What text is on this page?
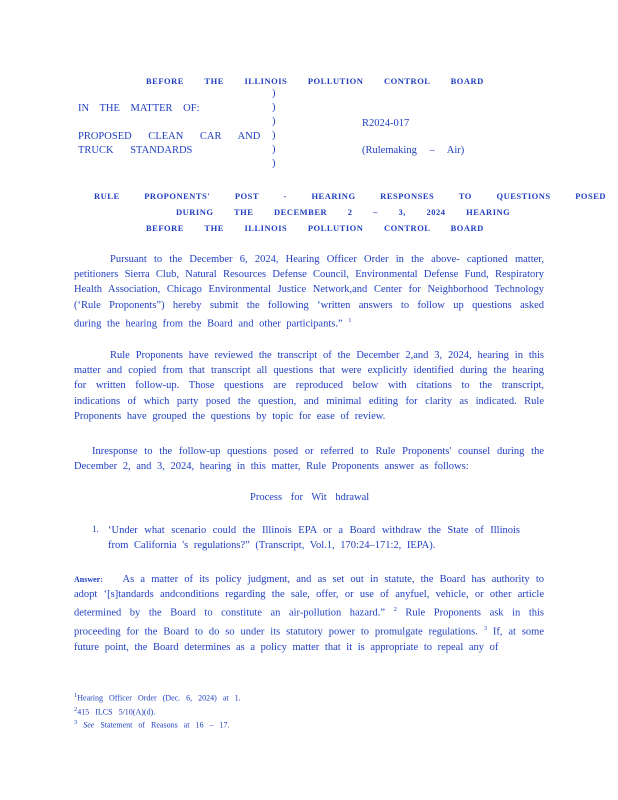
BEFORE THE ILLINOIS POLLUTION CONTROL BOARD
)
)
)
)
)
)
IN THE MATTER OF:
PROPOSED CLEAN CAR AND
TRUCK STANDARDS
R2024-017
(Rulemaking – Air)
RULE PROPONENTS' POST - HEARING RESPONSES TO QUESTIONS POSED
DURING THE DECEMBER 2 – 3, 2024 HEARING
BEFORE THE ILLINOIS POLLUTION CONTROL BOARD
Pursuant to the December 6, 2024, Hearing Officer Order in the above- captioned matter, petitioners Sierra Club, Natural Resources Defense Council, Environmental Defense Fund, Respiratory Health Association, Chicago Environmental Justice Network,and Center for Neighborhood Technology (‘Rule Proponents”) hereby submit the following ‘written answers to follow up questions asked during the hearing from the Board and other participants.” $^1$
Rule Proponents have reviewed the transcript of the December 2,and 3, 2024, hearing in this matter and copied from that transcript all questions that were explicitly identified during the hearing for written follow-up. Those questions are reproduced below with citations to the transcript, indications of which party posed the question, and minimal editing for clarity as indicated. Rule Proponents have grouped the questions by topic for ease of review.
Inresponse to the follow-up questions posed or referred to Rule Proponents' counsel during the December 2, and 3, 2024, hearing in this matter, Rule Proponents answer as follows:
Process for Wit hdrawal
1. ‘Under what scenario could the Illinois EPA or a Board withdraw the State of Illinois from California 's regulations?” (Transcript, Vol.1, 170:24–171:2, IEPA).
Answer: As a matter of its policy judgment, and as set out in statute, the Board has authority to adopt ‘[s]tandards andconditions regarding the sale, offer, or use of anyfuel, vehicle, or other article determined by the Board to constitute an air-pollution hazard.” $^2$ Rule Proponents ask in this proceeding for the Board to do so under its statutory power to promulgate regulations. $^3$ If, at some future point, the Board determines as a policy matter that it is appropriate to repeal any of
$^1$Hearing Officer Order (Dec. 6, 2024) at 1.
$^2$415 ILCS 5/10(A)(d).
$^3$ See Statement of Reasons at 16 – 17.
